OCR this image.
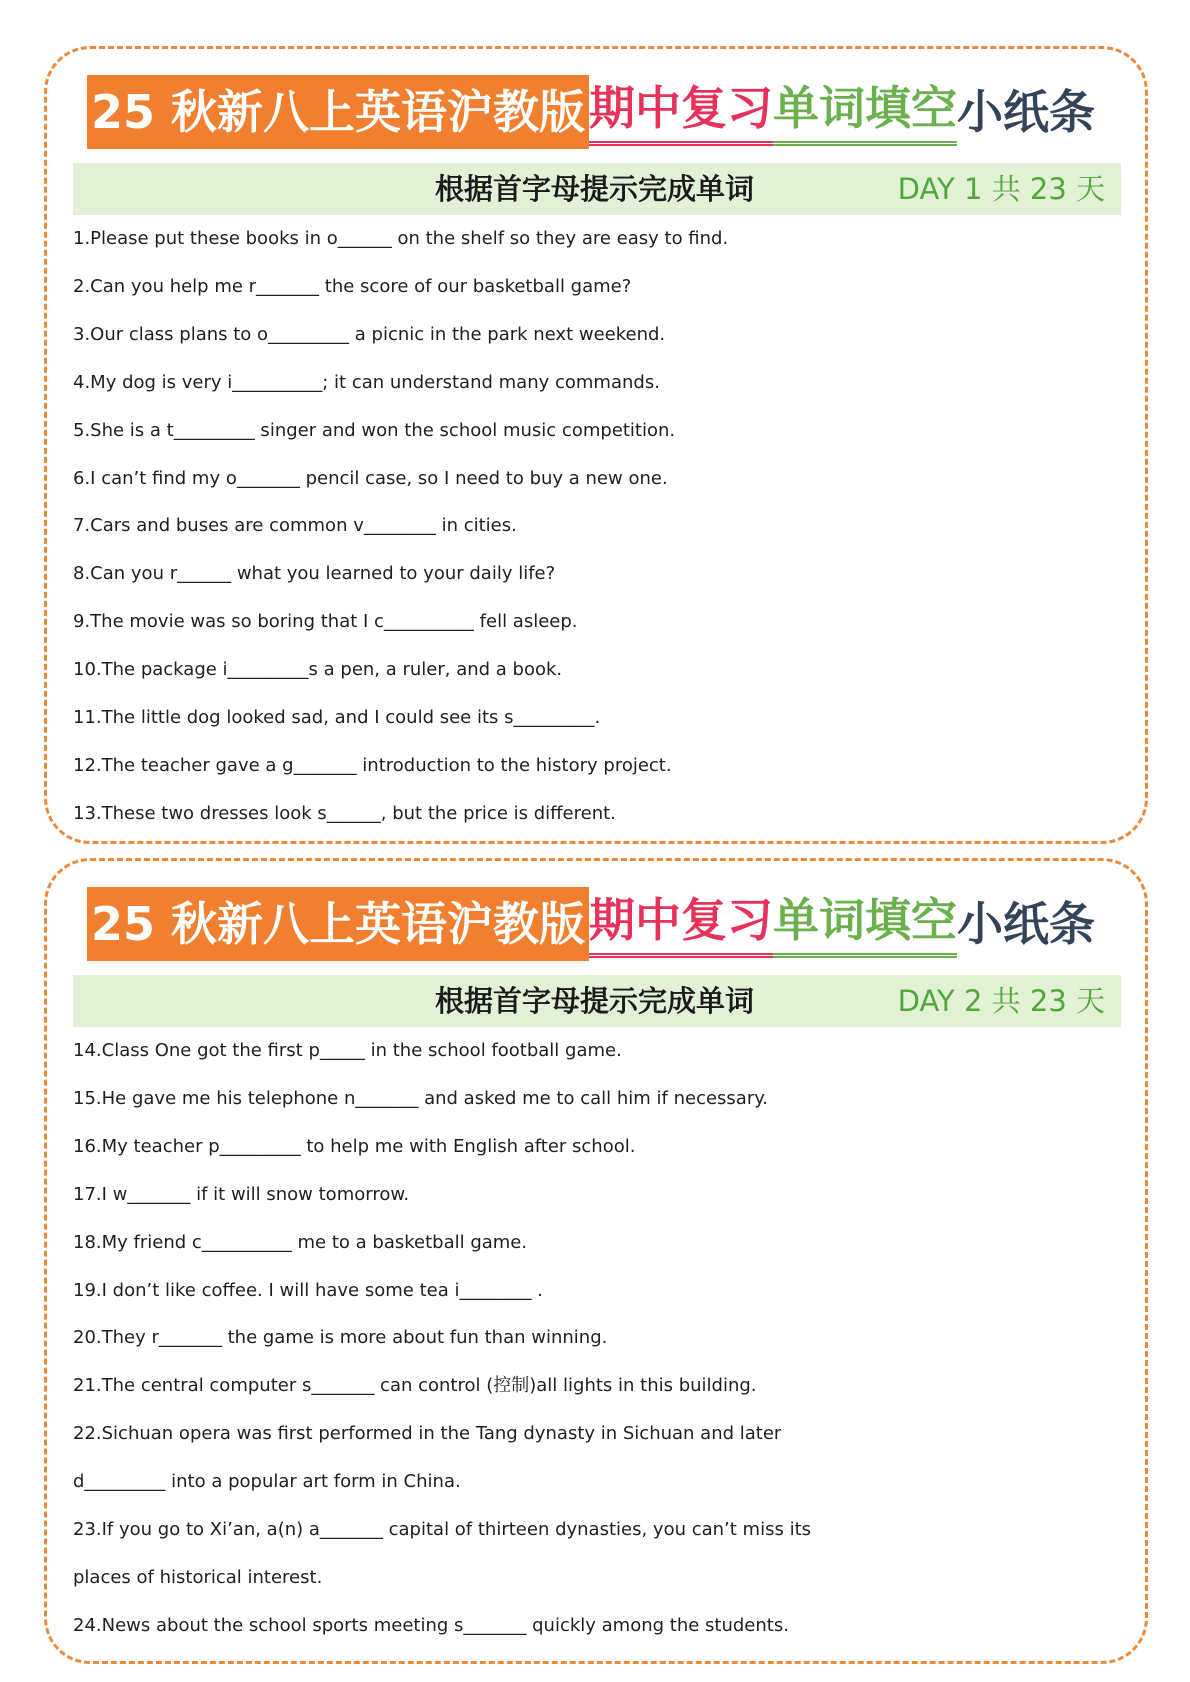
25 秋新八上英语沪教版期中复习单词填空小纸条
根据首字母提示完成单词	DAY 1 共 23 天
1.Please put these books in o______ on the shelf so they are easy to find.
2.Can you help me r_______ the score of our basketball game?
3.Our class plans to o_________ a picnic in the park next weekend.
4.My dog is very i__________; it can understand many commands.
5.She is a t_________ singer and won the school music competition.
6.I can’t find my o_______ pencil case, so I need to buy a new one.
7.Cars and buses are common v________ in cities.
8.Can you r______ what you learned to your daily life?
9.The movie was so boring that I c__________ fell asleep.
10.The package i_________s a pen, a ruler, and a book.
11.The little dog looked sad, and I could see its s_________.
12.The teacher gave a g_______ introduction to the history project.
13.These two dresses look s______, but the price is different.
25 秋新八上英语沪教版期中复习单词填空小纸条
根据首字母提示完成单词	DAY 2 共 23 天
14.Class One got the first p_____ in the school football game.
15.He gave me his telephone n_______ and asked me to call him if necessary.
16.My teacher p_________ to help me with English after school.
17.I w_______ if it will snow tomorrow.
18.My friend c__________ me to a basketball game.
19.I don’t like coffee. I will have some tea i________ .
20.They r_______ the game is more about fun than winning.
21.The central computer s_______ can control (控制)all lights in this building.
22.Sichuan opera was first performed in the Tang dynasty in Sichuan and later
d_________ into a popular art form in China.
23.If you go to Xi’an, a(n) a_______ capital of thirteen dynasties, you can’t miss its
places of historical interest.
24.News about the school sports meeting s_______ quickly among the students.
